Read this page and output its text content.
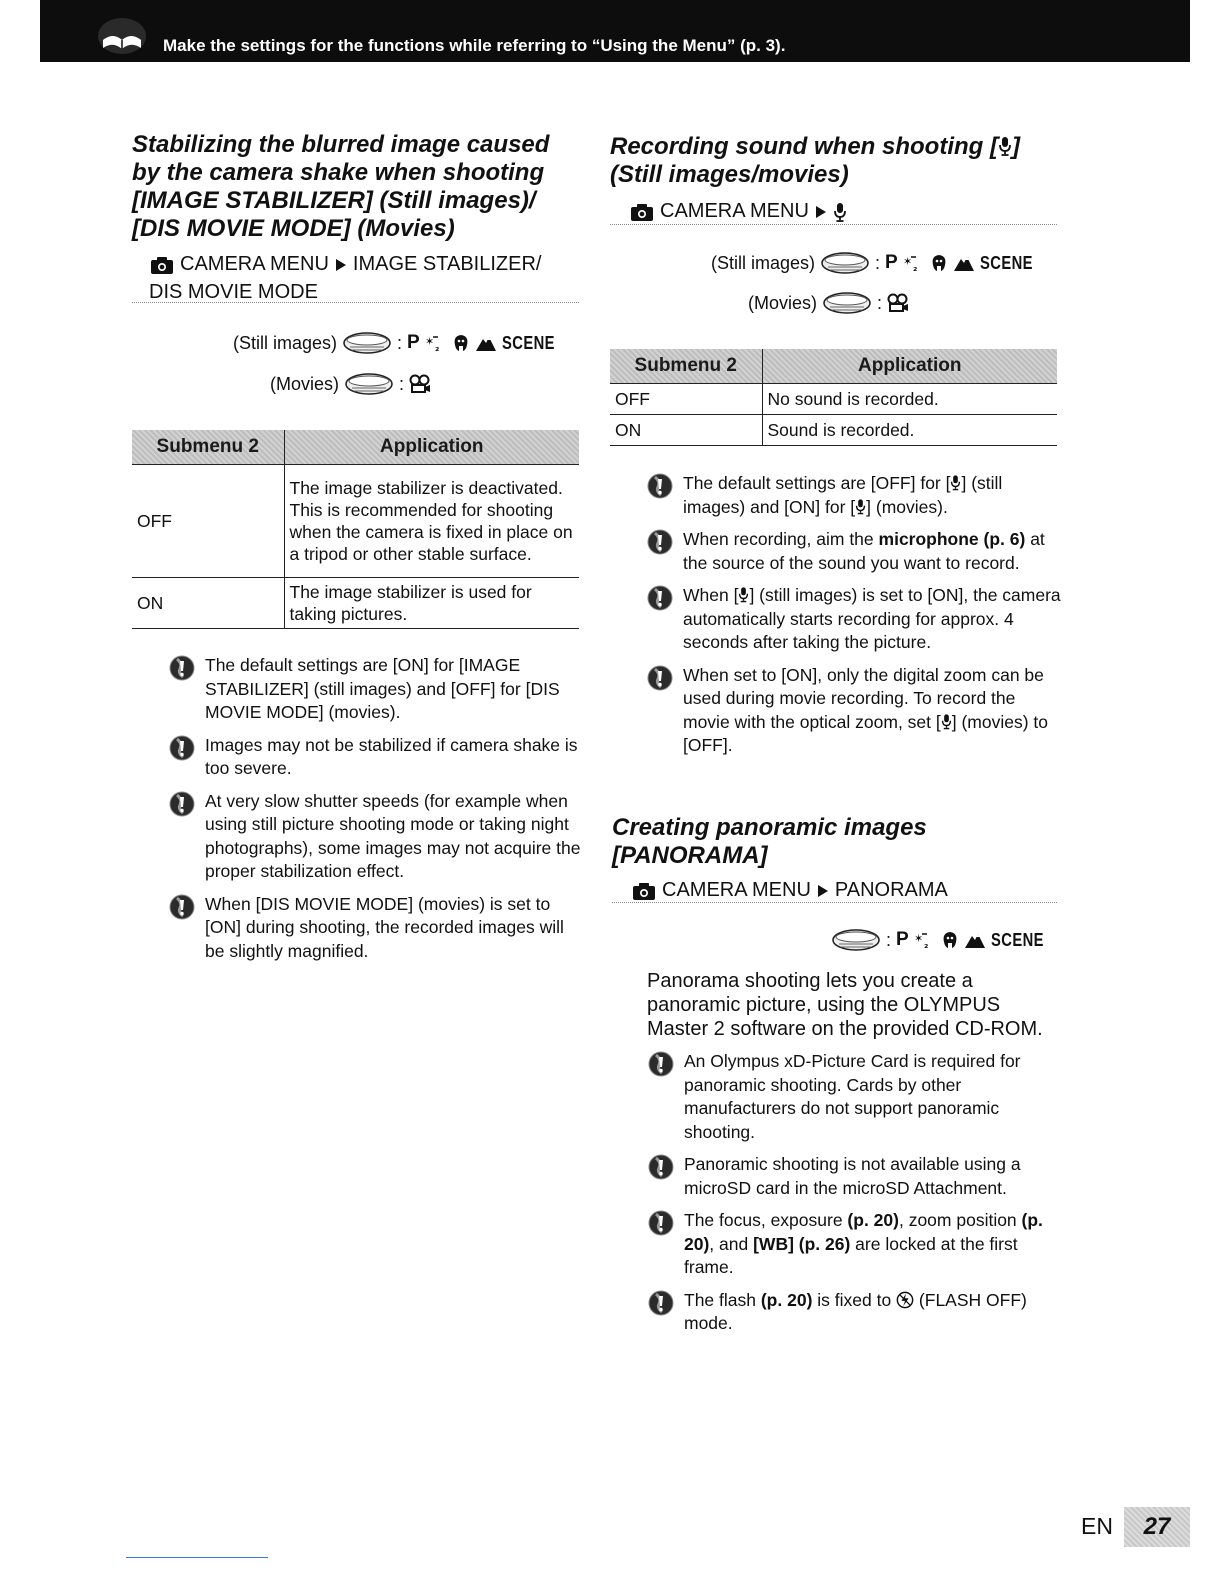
Make the settings for the functions while referring to “Using the Menu” (p. 3).
Stabilizing the blurred image caused
by the camera shake when shooting
[IMAGE STABILIZER] (Still images)/
[DIS MOVIE MODE] (Movies)
CAMERA MENU IMAGE STABILIZER/
DIS MOVIE MODE
(Still images)	: P	SCENE
(Movies)	:
Submenu 2	Application
OFF	The image stabilizer is deactivated. This is recommended for shooting when the camera is fixed in place on a tripod or other stable surface.
ON	The image stabilizer is used for taking pictures.
The default settings are [ON] for [IMAGE STABILIZER] (still images) and [OFF] for [DIS MOVIE MODE] (movies).
Images may not be stabilized if camera shake is too severe.
At very slow shutter speeds (for example when using still picture shooting mode or taking night photographs), some images may not acquire the proper stabilization effect.
When [DIS MOVIE MODE] (movies) is set to [ON] during shooting, the recorded images will be slightly magnified.
Recording sound when shooting [ ]
(Still images/movies)
CAMERA MENU
(Still images)	: P	SCENE
(Movies)	:
Submenu 2	Application
OFF	No sound is recorded.
ON	Sound is recorded.
The default settings are [OFF] for [ ] (still images) and [ON] for [ ] (movies).
When recording, aim the microphone (p. 6) at the source of the sound you want to record.
When [ ] (still images) is set to [ON], the camera automatically starts recording for approx. 4 seconds after taking the picture.
When set to [ON], only the digital zoom can be used during movie recording. To record the movie with the optical zoom, set [ ] (movies) to [OFF].
Creating panoramic images
[PANORAMA]
CAMERA MENU PANORAMA
: P	SCENE
Panorama shooting lets you create a panoramic picture, using the OLYMPUS Master 2 software on the provided CD-ROM.
An Olympus xD-Picture Card is required for panoramic shooting. Cards by other manufacturers do not support panoramic shooting.
Panoramic shooting is not available using a microSD card in the microSD Attachment.
The focus, exposure (p. 20), zoom position (p. 20), and [WB] (p. 26) are locked at the first frame.
The flash (p. 20) is fixed to  (FLASH OFF) mode.
EN	27
